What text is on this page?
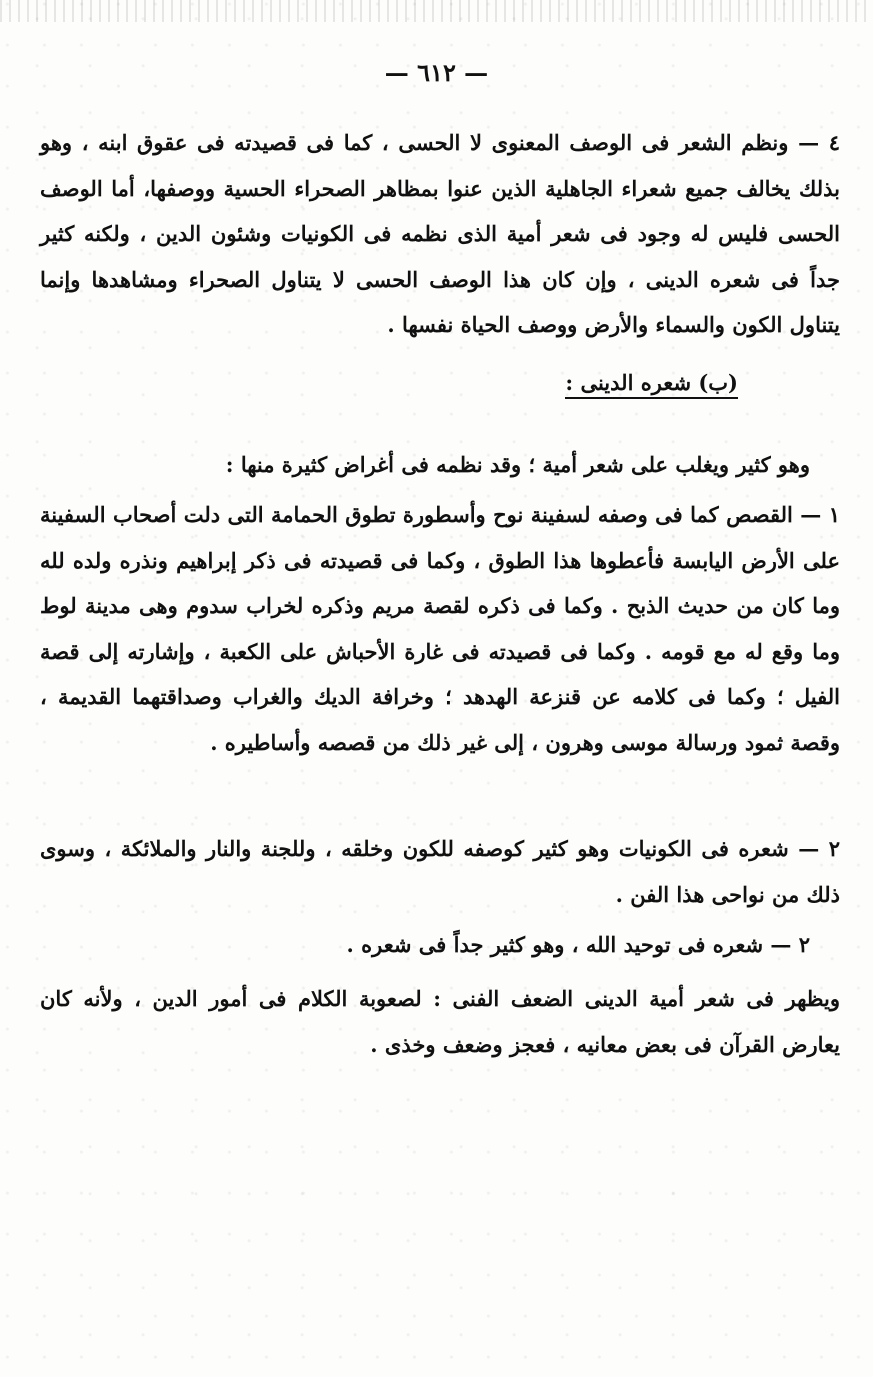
— ٦١٢ —
٤ — ونظم الشعر فى الوصف المعنوى لا الحسى ، كما فى قصيدته فى عقوق ابنه ، وهو بذلك يخالف جميع شعراء الجاهلية الذين عنوا بمظاهر الصحراء الحسية ووصفها، أما الوصف الحسى فليس له وجود فى شعر أمية الذى نظمه فى الكونيات وشئون الدين ، ولكنه كثير جداً فى شعره الدينى ، وإن كان هذا الوصف الحسى لا يتناول الصحراء ومشاهدها وإنما يتناول الكون والسماء والأرض ووصف الحياة نفسها .
(ب) شعره الدينى :
وهو كثير ويغلب على شعر أمية ؛ وقد نظمه فى أغراض كثيرة منها :
١ — القصص كما فى وصفه لسفينة نوح وأسطورة تطوق الحمامة التى دلت أصحاب السفينة على الأرض اليابسة فأعطوها هذا الطوق ، وكما فى قصيدته فى ذكر إبراهيم ونذره ولده لله وما كان من حديث الذبح . وكما فى ذكره لقصة مريم وذكره لخراب سدوم وهى مدينة لوط وما وقع له مع قومه . وكما فى قصيدته فى غارة الأحباش على الكعبة ، وإشارته إلى قصة الفيل ؛ وكما فى كلامه عن قنزعة الهدهد ؛ وخرافة الديك والغراب وصداقتهما القديمة ، وقصة ثمود ورسالة موسى وهرون ، إلى غير ذلك من قصصه وأساطيره .
٢ — شعره فى الكونيات وهو كثير كوصفه للكون وخلقه ، وللجنة والنار والملائكة ، وسوى ذلك من نواحى هذا الفن .
٢ — شعره فى توحيد الله ، وهو كثير جداً فى شعره .
ويظهر فى شعر أمية الدينى الضعف الفنى : لصعوبة الكلام فى أمور الدين ، ولأنه كان يعارض القرآن فى بعض معانيه ، فعجز وضعف وخذى .
